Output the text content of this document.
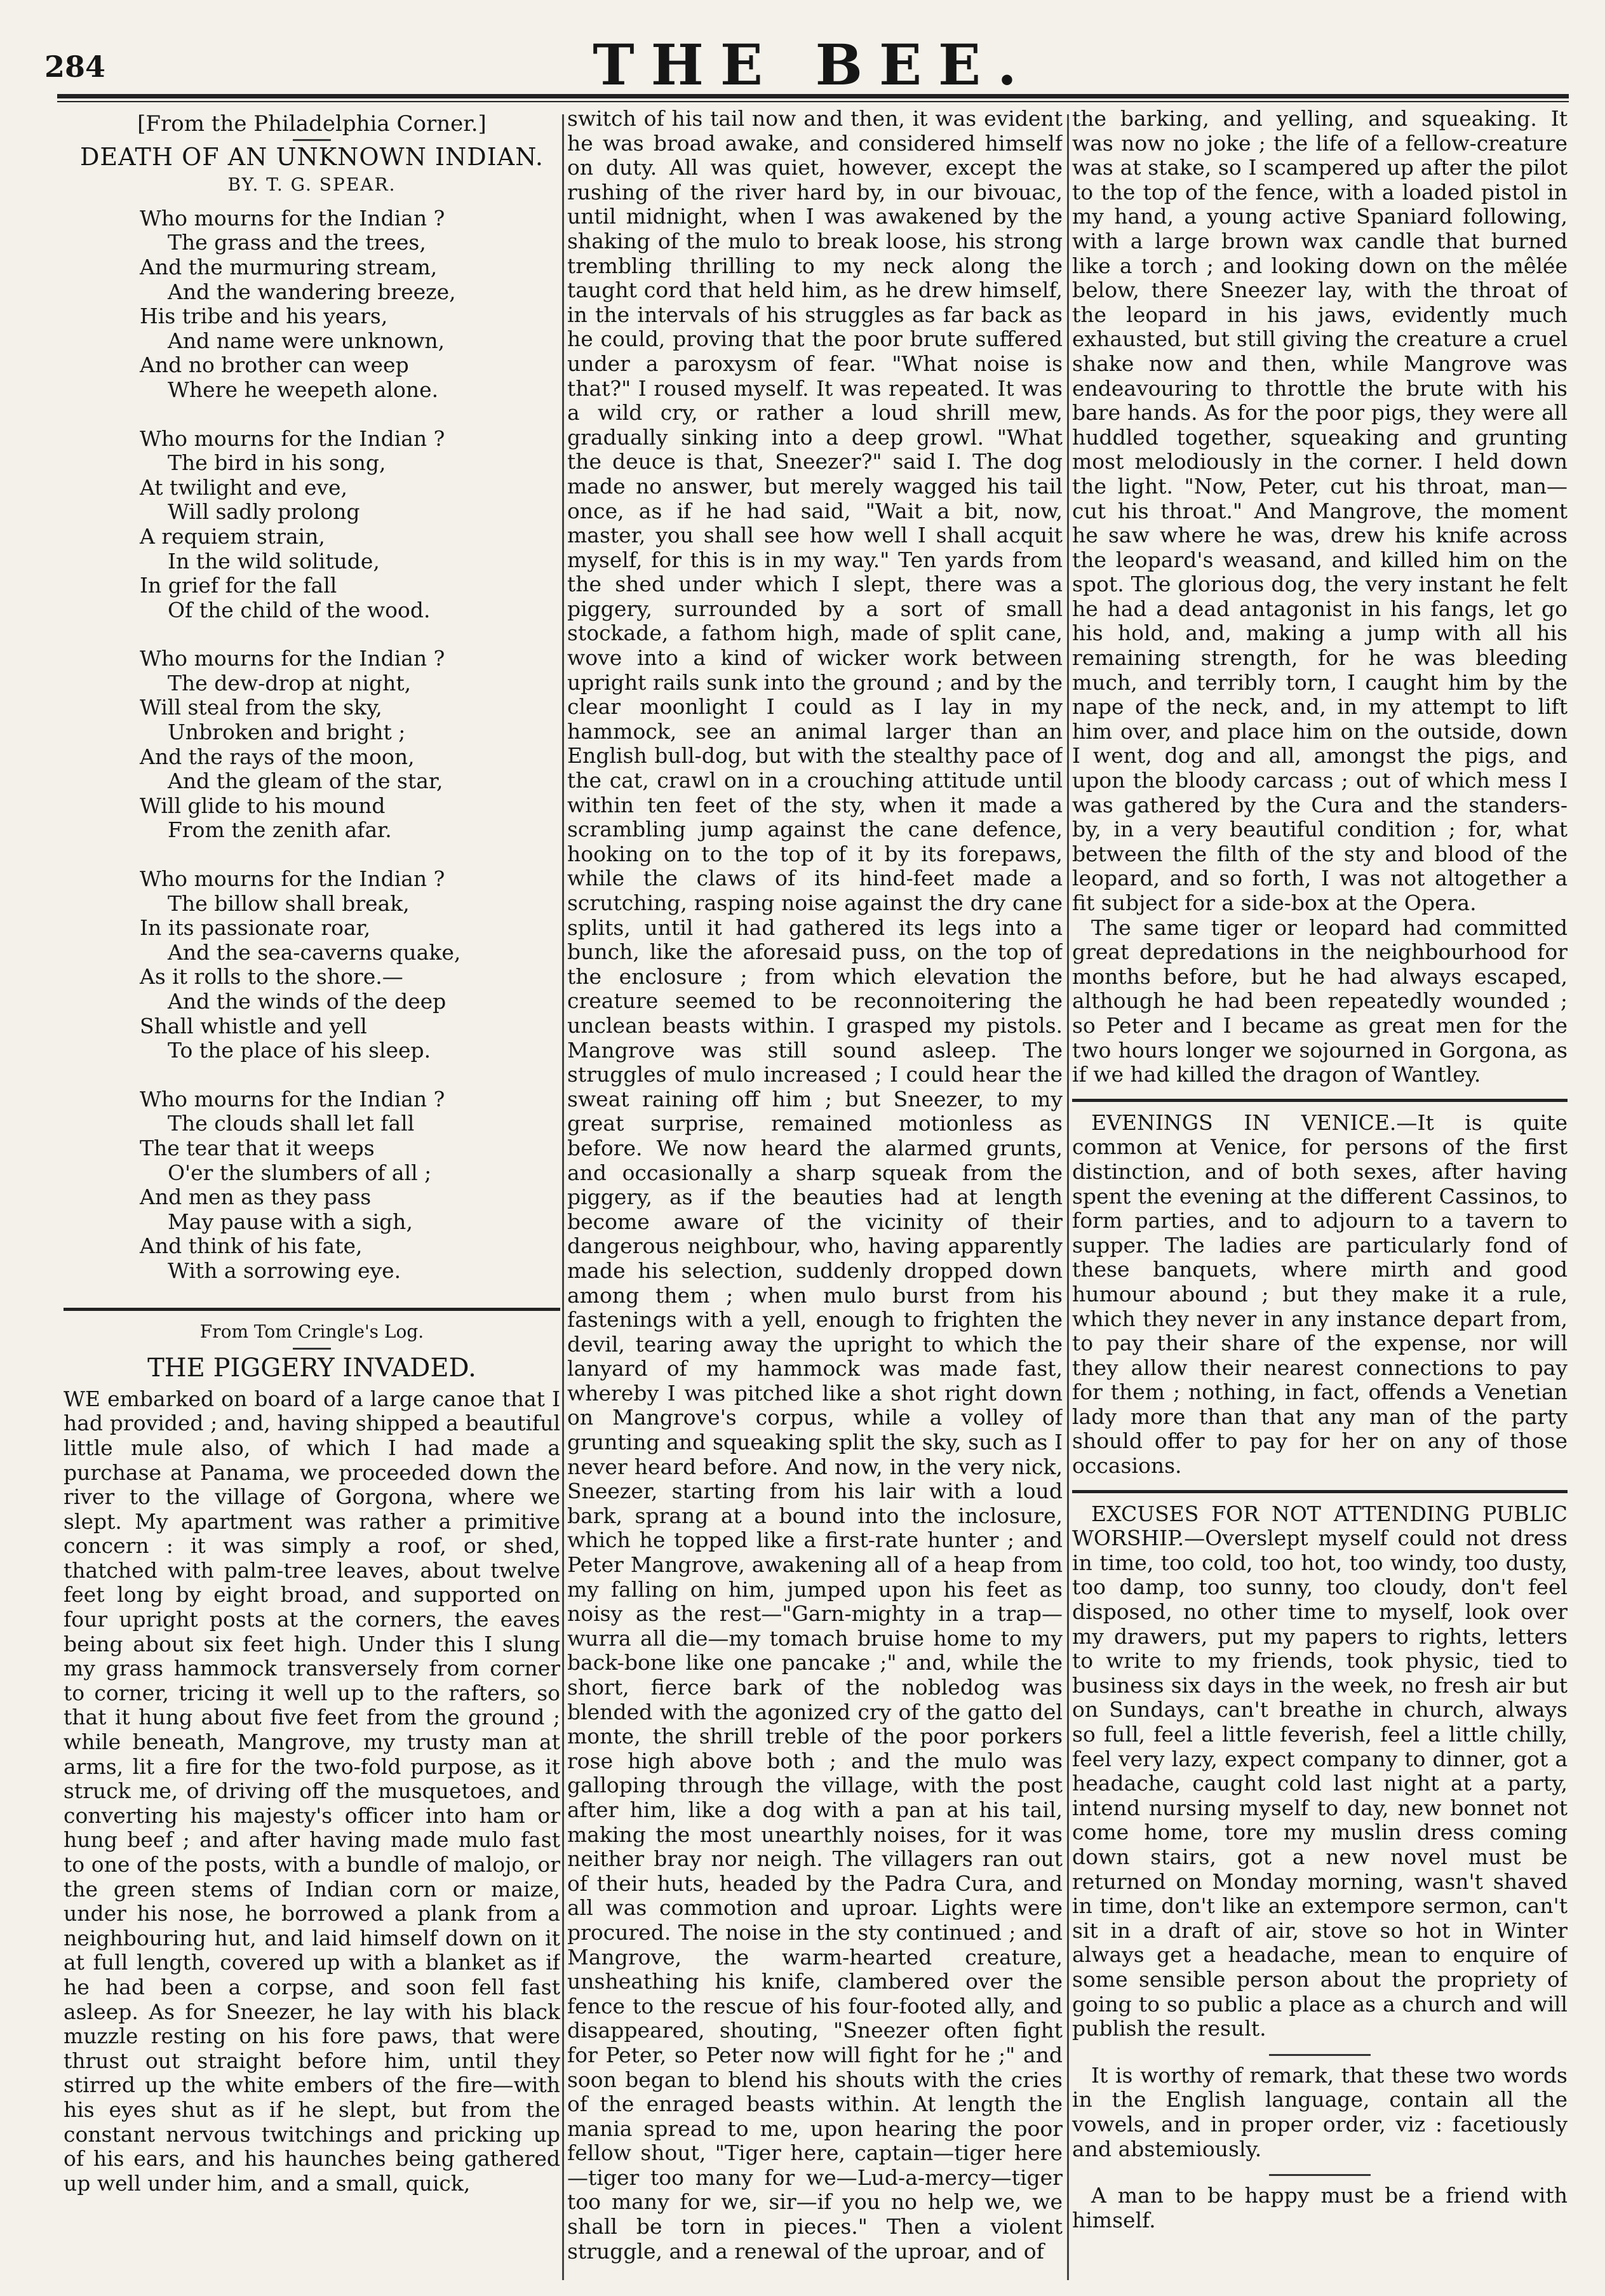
284	THE BEE.
[From the Philadelphia Corner.]
DEATH OF AN UNKNOWN INDIAN.
BY. T. G. SPEAR.
Who mourns for the Indian ?
The grass and the trees,
And the murmuring stream,
And the wandering breeze,
His tribe and his years,
And name were unknown,
And no brother can weep
Where he weepeth alone.
Who mourns for the Indian ?
The bird in his song,
At twilight and eve,
Will sadly prolong
A requiem strain,
In the wild solitude,
In grief for the fall
Of the child of the wood.
Who mourns for the Indian ?
The dew-drop at night,
Will steal from the sky,
Unbroken and bright ;
And the rays of the moon,
And the gleam of the star,
Will glide to his mound
From the zenith afar.
Who mourns for the Indian ?
The billow shall break,
In its passionate roar,
And the sea-caverns quake,
As it rolls to the shore.—
And the winds of the deep
Shall whistle and yell
To the place of his sleep.
Who mourns for the Indian ?
The clouds shall let fall
The tear that it weeps
O'er the slumbers of all ;
And men as they pass
May pause with a sigh,
And think of his fate,
With a sorrowing eye.
From Tom Cringle's Log.
THE PIGGERY INVADED.

WE embarked on board of a large canoe that I had provided ; and, having shipped a beautiful little mule also, of which I had made a purchase at Panama, we proceeded down the river to the village of Gorgona, where we slept. My apartment was rather a primitive concern : it was simply a roof, or shed, thatched with palm-tree leaves, about twelve feet long by eight broad, and supported on four upright posts at the corners, the eaves being about six feet high. Under this I slung my grass hammock transversely from corner to corner, tricing it well up to the rafters, so that it hung about five feet from the ground ; while beneath, Mangrove, my trusty man at arms, lit a fire for the two-fold purpose, as it struck me, of driving off the musquetoes, and converting his majesty's officer into ham or hung beef ; and after having made mulo fast to one of the posts, with a bundle of malojo, or the green stems of Indian corn or maize, under his nose, he borrowed a plank from a neighbouring hut, and laid himself down on it at full length, covered up with a blanket as if he had been a corpse, and soon fell fast asleep. As for Sneezer, he lay with his black muzzle resting on his fore paws, that were thrust out straight before him, until they stirred up the white embers of the fire—with his eyes shut as if he slept, but from the constant nervous twitchings and pricking up of his ears, and his haunches being gathered up well under him, and a small, quick,

switch of his tail now and then, it was evident he was broad awake, and considered himself on duty. All was quiet, however, except the rushing of the river hard by, in our bivouac, until midnight, when I was awakened by the shaking of the mulo to break loose, his strong trembling thrilling to my neck along the taught cord that held him, as he drew himself, in the intervals of his struggles as far back as he could, proving that the poor brute suffered under a paroxysm of fear. "What noise is that?" I roused myself. It was repeated. It was a wild cry, or rather a loud shrill mew, gradually sinking into a deep growl. "What the deuce is that, Sneezer?" said I. The dog made no answer, but merely wagged his tail once, as if he had said, "Wait a bit, now, master, you shall see how well I shall acquit myself, for this is in my way." Ten yards from the shed under which I slept, there was a piggery, surrounded by a sort of small stockade, a fathom high, made of split cane, wove into a kind of wicker work between upright rails sunk into the ground ; and by the clear moonlight I could as I lay in my hammock, see an animal larger than an English bull-dog, but with the stealthy pace of the cat, crawl on in a crouching attitude until within ten feet of the sty, when it made a scrambling jump against the cane defence, hooking on to the top of it by its forepaws, while the claws of its hind-feet made a scrutching, rasping noise against the dry cane splits, until it had gathered its legs into a bunch, like the aforesaid puss, on the top of the enclosure ; from which elevation the creature seemed to be reconnoitering the unclean beasts within. I grasped my pistols. Mangrove was still sound asleep. The struggles of mulo increased ; I could hear the sweat raining off him ; but Sneezer, to my great surprise, remained motionless as before. We now heard the alarmed grunts, and occasionally a sharp squeak from the piggery, as if the beauties had at length become aware of the vicinity of their dangerous neighbour, who, having apparently made his selection, suddenly dropped down among them ; when mulo burst from his fastenings with a yell, enough to frighten the devil, tearing away the upright to which the lanyard of my hammock was made fast, whereby I was pitched like a shot right down on Mangrove's corpus, while a volley of grunting and squeaking split the sky, such as I never heard before. And now, in the very nick, Sneezer, starting from his lair with a loud bark, sprang at a bound into the inclosure, which he topped like a first-rate hunter ; and Peter Mangrove, awakening all of a heap from my falling on him, jumped upon his feet as noisy as the rest—"Garn-mighty in a trap—wurra all die—my tomach bruise home to my back-bone like one pancake ;" and, while the short, fierce bark of the nobledog was blended with the agonized cry of the gatto del monte, the shrill treble of the poor porkers rose high above both ; and the mulo was galloping through the village, with the post after him, like a dog with a pan at his tail, making the most unearthly noises, for it was neither bray nor neigh. The villagers ran out of their huts, headed by the Padra Cura, and all was commotion and uproar. Lights were procured. The noise in the sty continued ; and Mangrove, the warm-hearted creature, unsheathing his knife, clambered over the fence to the rescue of his four-footed ally, and disappeared, shouting, "Sneezer often fight for Peter, so Peter now will fight for he ;" and soon began to blend his shouts with the cries of the enraged beasts within. At length the mania spread to me, upon hearing the poor fellow shout, "Tiger here, captain—tiger here—tiger too many for we—Lud-a-mercy—tiger too many for we, sir—if you no help we, we shall be torn in pieces." Then a violent struggle, and a renewal of the uproar, and of

the barking, and yelling, and squeaking. It was now no joke ; the life of a fellow-creature was at stake, so I scampered up after the pilot to the top of the fence, with a loaded pistol in my hand, a young active Spaniard following, with a large brown wax candle that burned like a torch ; and looking down on the mêlée below, there Sneezer lay, with the throat of the leopard in his jaws, evidently much exhausted, but still giving the creature a cruel shake now and then, while Mangrove was endeavouring to throttle the brute with his bare hands. As for the poor pigs, they were all huddled together, squeaking and grunting most melodiously in the corner. I held down the light. "Now, Peter, cut his throat, man—cut his throat." And Mangrove, the moment he saw where he was, drew his knife across the leopard's weasand, and killed him on the spot. The glorious dog, the very instant he felt he had a dead antagonist in his fangs, let go his hold, and, making a jump with all his remaining strength, for he was bleeding much, and terribly torn, I caught him by the nape of the neck, and, in my attempt to lift him over, and place him on the outside, down I went, dog and all, amongst the pigs, and upon the bloody carcass ; out of which mess I was gathered by the Cura and the standers-by, in a very beautiful condition ; for, what between the filth of the sty and blood of the leopard, and so forth, I was not altogether a fit subject for a side-box at the Opera.

The same tiger or leopard had committed great depredations in the neighbourhood for months before, but he had always escaped, although he had been repeatedly wounded ; so Peter and I became as great men for the two hours longer we sojourned in Gorgona, as if we had killed the dragon of Wantley.

EVENINGS IN VENICE.—It is quite common at Venice, for persons of the first distinction, and of both sexes, after having spent the evening at the different Cassinos, to form parties, and to adjourn to a tavern to supper. The ladies are particularly fond of these banquets, where mirth and good humour abound ; but they make it a rule, which they never in any instance depart from, to pay their share of the expense, nor will they allow their nearest connections to pay for them ; nothing, in fact, offends a Venetian lady more than that any man of the party should offer to pay for her on any of those occasions.

EXCUSES FOR NOT ATTENDING PUBLIC WORSHIP.—Overslept myself could not dress in time, too cold, too hot, too windy, too dusty, too damp, too sunny, too cloudy, don't feel disposed, no other time to myself, look over my drawers, put my papers to rights, letters to write to my friends, took physic, tied to business six days in the week, no fresh air but on Sundays, can't breathe in church, always so full, feel a little feverish, feel a little chilly, feel very lazy, expect company to dinner, got a headache, caught cold last night at a party, intend nursing myself to day, new bonnet not come home, tore my muslin dress coming down stairs, got a new novel must be returned on Monday morning, wasn't shaved in time, don't like an extempore sermon, can't sit in a draft of air, stove so hot in Winter always get a headache, mean to enquire of some sensible person about the propriety of going to so public a place as a church and will publish the result.

It is worthy of remark, that these two words in the English language, contain all the vowels, and in proper order, viz : facetiously and abstemiously.

A man to be happy must be a friend with himself.
